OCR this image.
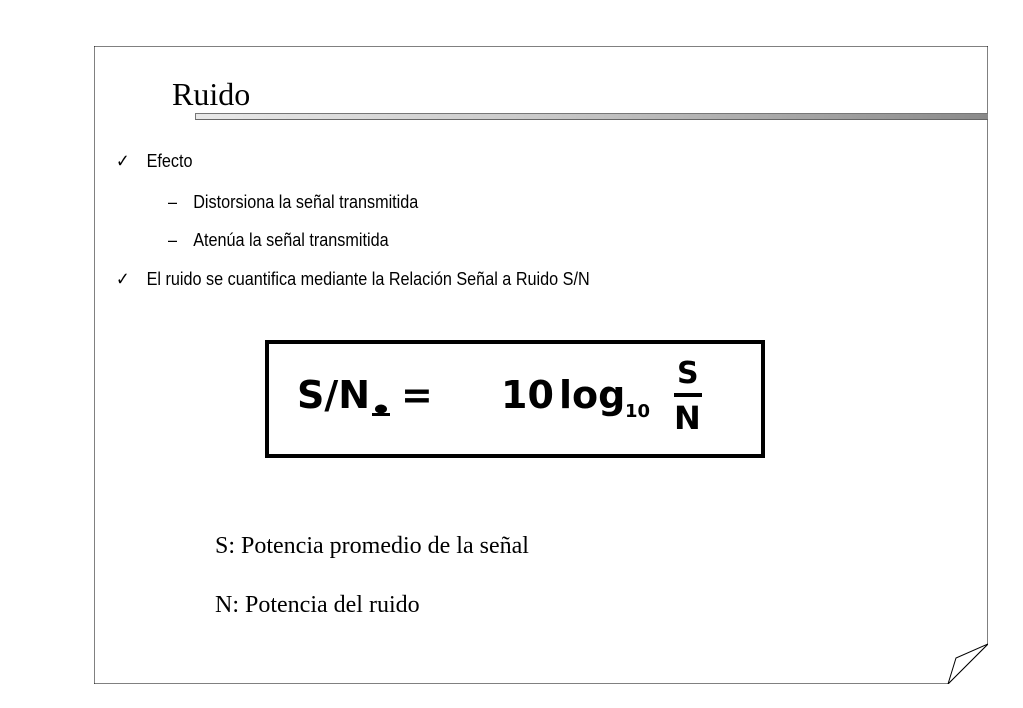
Ruido
✓ Efecto
– Distorsiona la señal transmitida
– Atenúa la señal transmitida
✓ El ruido se cuantifica mediante la Relación Señal a Ruido S/N
S/N = 10 log 10
S
N
S: Potencia promedio de la señal
N: Potencia del ruido
